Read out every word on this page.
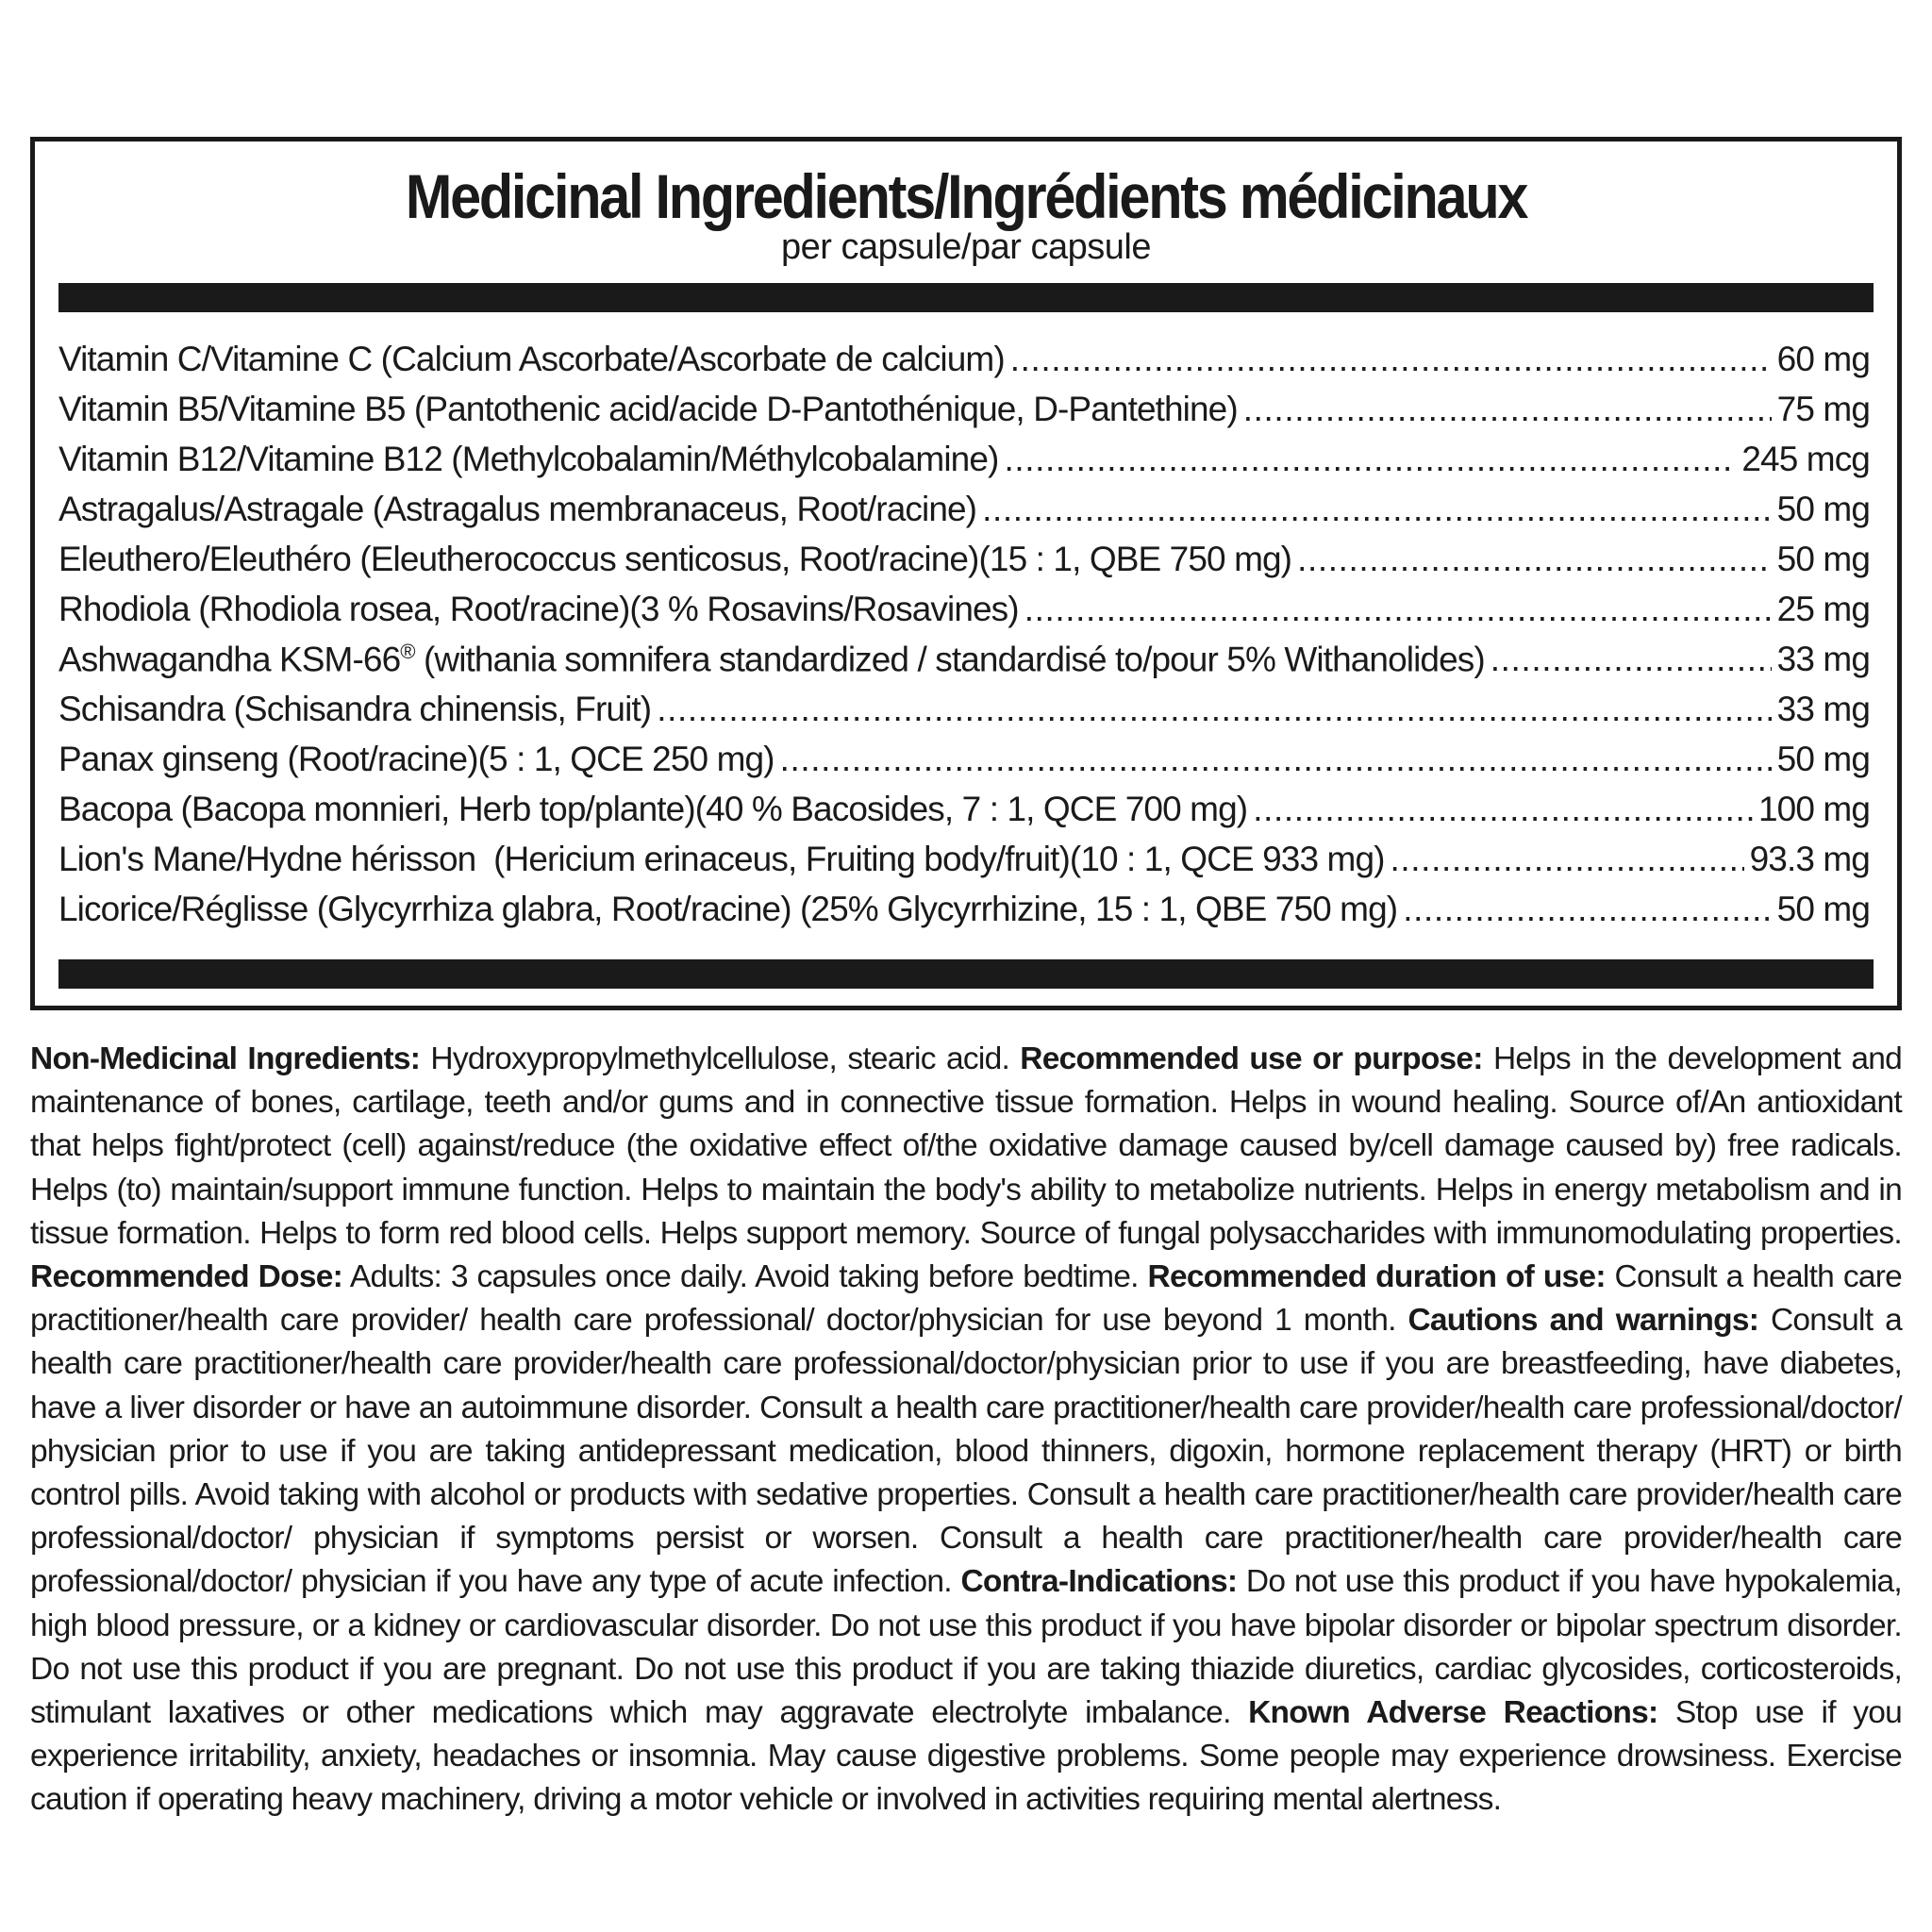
Medicinal Ingredients/Ingrédients médicinaux
per capsule/par capsule
Vitamin C/Vitamine C (Calcium Ascorbate/Ascorbate de calcium) .....	60 mg
Vitamin B5/Vitamine B5 (Pantothenic acid/acide D-Pantothénique, D-Pantethine) .....	75 mg
Vitamin B12/Vitamine B12 (Methylcobalamin/Méthylcobalamine) .....	245 mcg
Astragalus/Astragale (Astragalus membranaceus, Root/racine) .....	50 mg
Eleuthero/Eleuthéro (Eleutherococcus senticosus, Root/racine)(15 : 1, QBE 750 mg) .....	50 mg
Rhodiola (Rhodiola rosea, Root/racine)(3 % Rosavins/Rosavines) .....	25 mg
Ashwagandha KSM-66® (withania somnifera standardized / standardisé to/pour 5% Withanolides) .....	33 mg
Schisandra (Schisandra chinensis, Fruit) .....	33 mg
Panax ginseng (Root/racine)(5 : 1, QCE 250 mg) .....	50 mg
Bacopa (Bacopa monnieri, Herb top/plante)(40 % Bacosides, 7 : 1, QCE 700 mg) .....	100 mg
Lion's Mane/Hydne hérisson  (Hericium erinaceus, Fruiting body/fruit)(10 : 1, QCE 933 mg) .....	93.3 mg
Licorice/Réglisse (Glycyrrhiza glabra, Root/racine) (25% Glycyrrhizine, 15 : 1, QBE 750 mg) .....	50 mg

Non-Medicinal Ingredients: Hydroxypropylmethylcellulose, stearic acid. Recommended use or purpose: Helps in the development and maintenance of bones, cartilage, teeth and/or gums and in connective tissue formation. Helps in wound healing. Source of/An antioxidant that helps fight/protect (cell) against/reduce (the oxidative effect of/the oxidative damage caused by/cell damage caused by) free radicals. Helps (to) maintain/support immune function. Helps to maintain the body's ability to metabolize nutrients. Helps in energy metabolism and in tissue formation. Helps to form red blood cells. Helps support memory. Source of fungal polysaccharides with immunomodulating properties. Recommended Dose: Adults: 3 capsules once daily. Avoid taking before bedtime. Recommended duration of use: Consult a health care practitioner/health care provider/ health care professional/ doctor/physician for use beyond 1 month. Cautions and warnings: Consult a health care practitioner/health care provider/health care professional/doctor/physician prior to use if you are breastfeeding, have diabetes, have a liver disorder or have an autoimmune disorder. Consult a health care practitioner/health care provider/health care professional/doctor/ physician prior to use if you are taking antidepressant medication, blood thinners, digoxin, hormone replacement therapy (HRT) or birth control pills. Avoid taking with alcohol or products with sedative properties. Consult a health care practitioner/health care provider/health care professional/doctor/ physician if symptoms persist or worsen. Consult a health care practitioner/health care provider/health care professional/doctor/ physician if you have any type of acute infection. Contra-Indications: Do not use this product if you have hypokalemia, high blood pressure, or a kidney or cardiovascular disorder. Do not use this product if you have bipolar disorder or bipolar spectrum disorder. Do not use this product if you are pregnant. Do not use this product if you are taking thiazide diuretics, cardiac glycosides, corticosteroids, stimulant laxatives or other medications which may aggravate electrolyte imbalance. Known Adverse Reactions: Stop use if you experience irritability, anxiety, headaches or insomnia. May cause digestive problems. Some people may experience drowsiness. Exercise caution if operating heavy machinery, driving a motor vehicle or involved in activities requiring mental alertness.
